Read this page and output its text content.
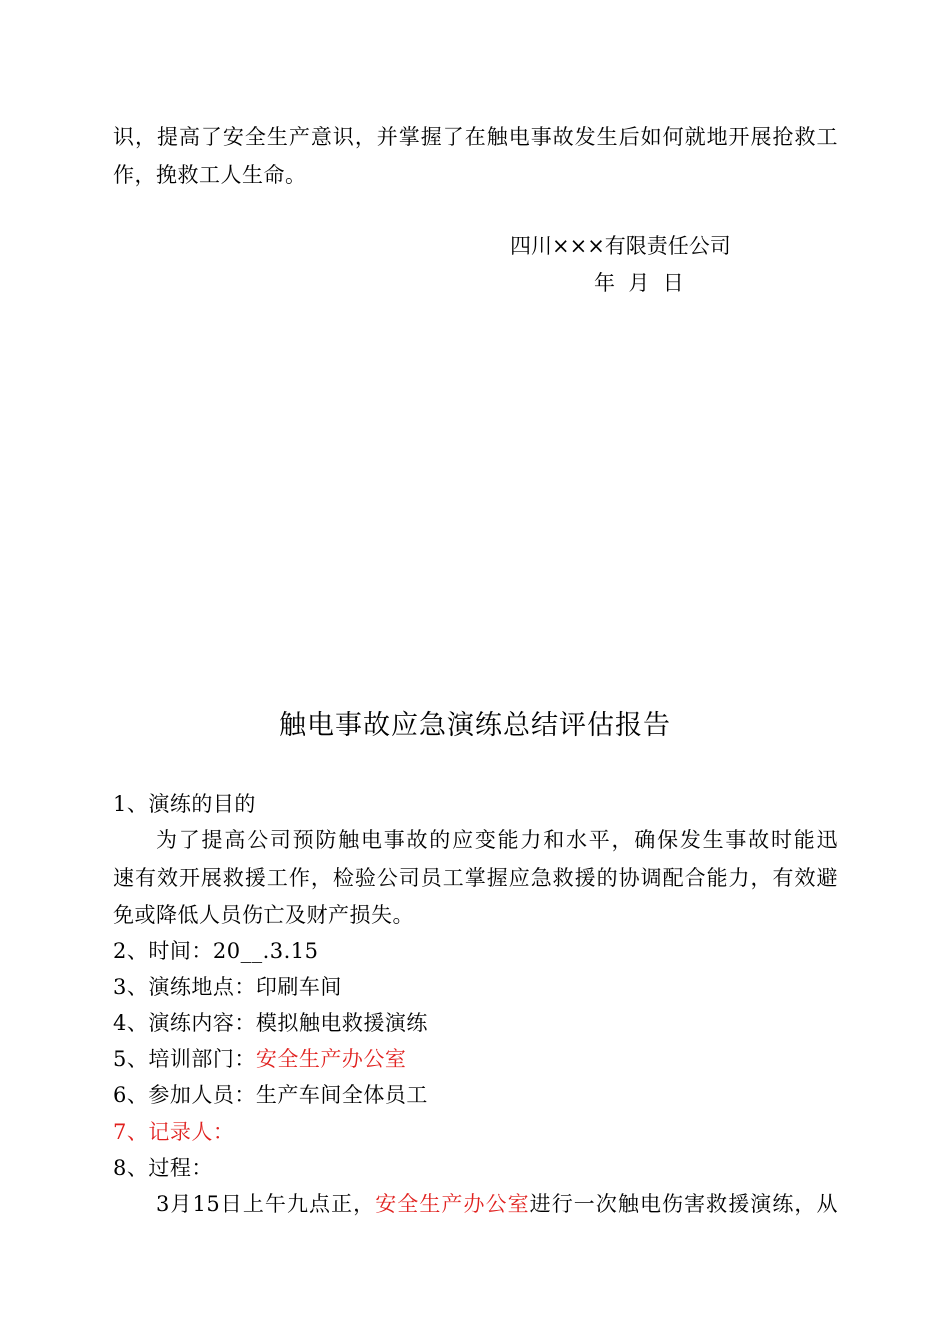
识，提高了安全生产意识，并掌握了在触电事故发生后如何就地开展抢救工
作，挽救工人生命。
四川×××有限责任公司
年  月  日
触电事故应急演练总结评估报告
1、演练的目的
为了提高公司预防触电事故的应变能力和水平，确保发生事故时能迅
速有效开展救援工作，检验公司员工掌握应急救援的协调配合能力，有效避
免或降低人员伤亡及财产损失。
2、时间：20__.3.15
3、演练地点：印刷车间
4、演练内容：模拟触电救援演练
5、培训部门：安全生产办公室
6、参加人员：生产车间全体员工
7、记录人：
8、过程：
3月15日上午九点正，安全生产办公室进行一次触电伤害救援演练，从
